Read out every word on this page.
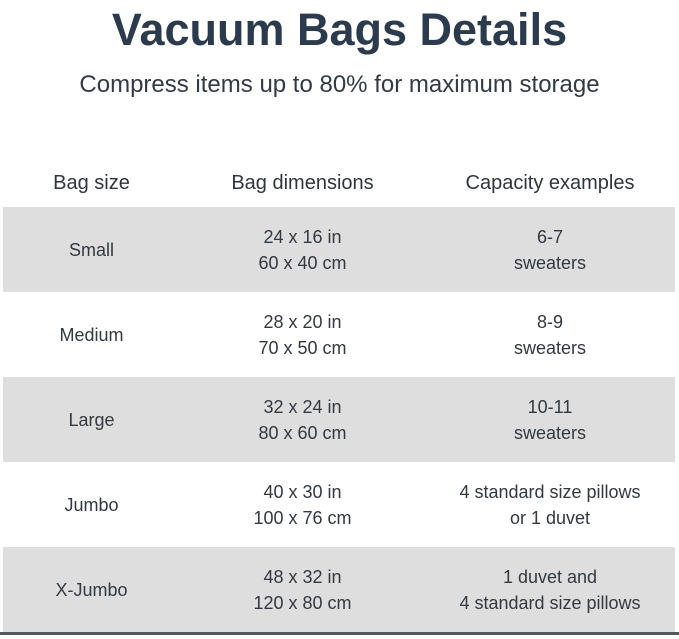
Vacuum Bags Details

Compress items up to 80% for maximum storage

Bag size	Bag dimensions	Capacity examples
Small
24 x 16 in
60 x 40 cm
6-7
sweaters
Medium
28 x 20 in
70 x 50 cm
8-9
sweaters
Large
32 x 24 in
80 x 60 cm
10-11
sweaters
Jumbo
40 x 30 in
100 x 76 cm
4 standard size pillows
or 1 duvet
X-Jumbo
48 x 32 in
120 x 80 cm
1 duvet and
4 standard size pillows
